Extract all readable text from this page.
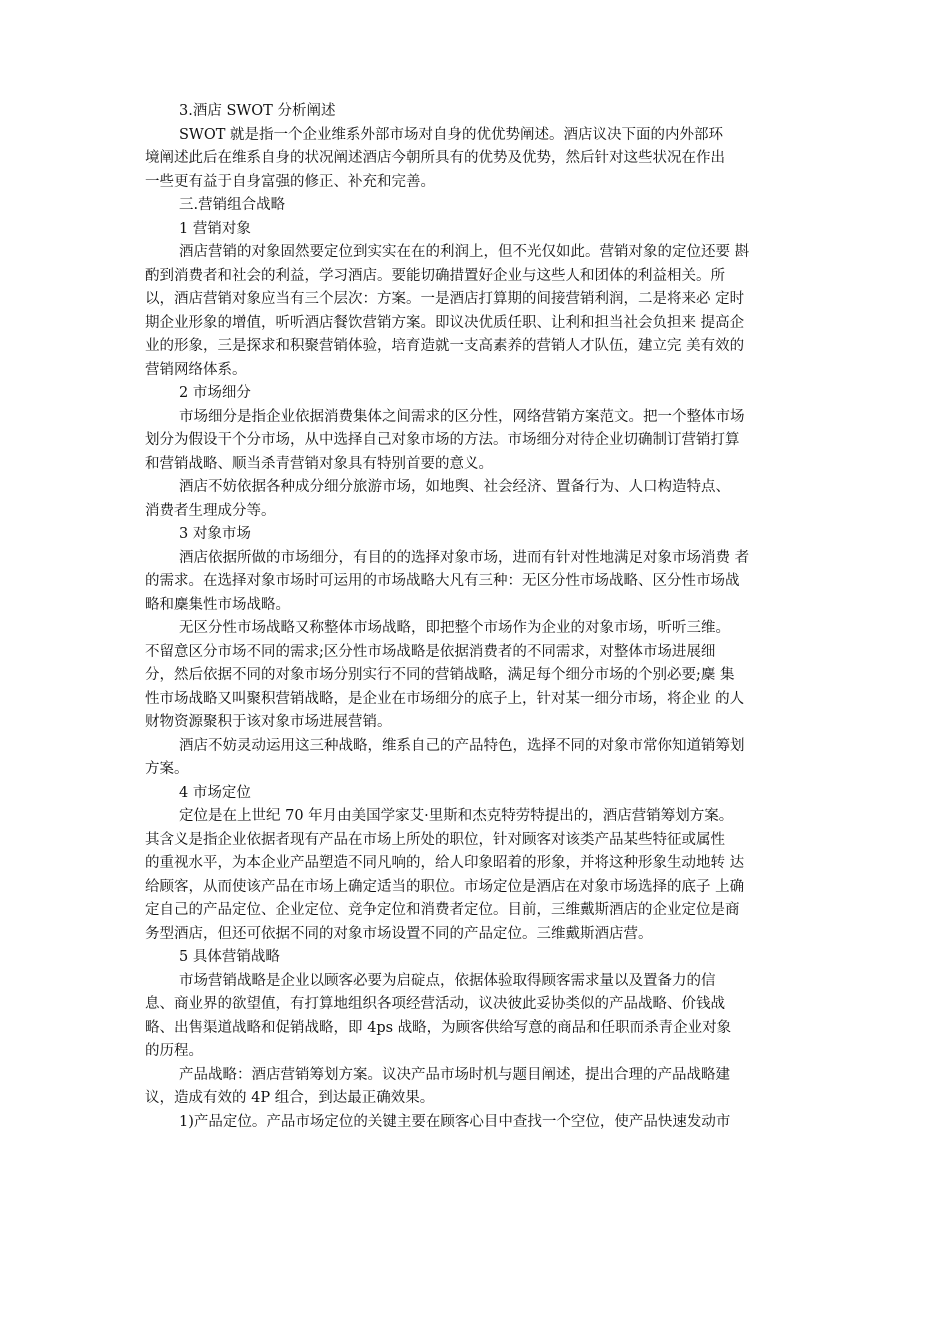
3.酒店 SWOT 分析阐述
SWOT 就是指一个企业维系外部市场对自身的优优势阐述。酒店议决下面的内外部环
境阐述此后在维系自身的状况阐述酒店今朝所具有的优势及优势，然后针对这些状况在作出
一些更有益于自身富强的修正、补充和完善。
三.营销组合战略
1 营销对象
酒店营销的对象固然要定位到实实在在的利润上，但不光仅如此。营销对象的定位还要 斟
酌到消费者和社会的利益，学习酒店。要能切确措置好企业与这些人和团体的利益相关。所
以，酒店营销对象应当有三个层次：方案。一是酒店打算期的间接营销利润，二是将来必 定时
期企业形象的增值，听听酒店餐饮营销方案。即议决优质任职、让利和担当社会负担来 提高企
业的形象，三是探求和积聚营销体验，培育造就一支高素养的营销人才队伍，建立完 美有效的
营销网络体系。
2 市场细分
市场细分是指企业依据消费集体之间需求的区分性，网络营销方案范文。把一个整体市场
划分为假设干个分市场，从中选择自己对象市场的方法。市场细分对待企业切确制订营销打算
和营销战略、顺当杀青营销对象具有特别首要的意义。
酒店不妨依据各种成分细分旅游市场，如地舆、社会经济、置备行为、人口构造特点、
消费者生理成分等。
3 对象市场
酒店依据所做的市场细分，有目的的选择对象市场，进而有针对性地满足对象市场消费 者
的需求。在选择对象市场时可运用的市场战略大凡有三种：无区分性市场战略、区分性市场战
略和麇集性市场战略。
无区分性市场战略又称整体市场战略，即把整个市场作为企业的对象市场，听听三维。
不留意区分市场不同的需求;区分性市场战略是依据消费者的不同需求，对整体市场进展细
分，然后依据不同的对象市场分别实行不同的营销战略，满足每个细分市场的个别必要;麇 集
性市场战略又叫聚积营销战略，是企业在市场细分的底子上，针对某一细分市场，将企业 的人
财物资源聚积于该对象市场进展营销。
酒店不妨灵动运用这三种战略，维系自己的产品特色，选择不同的对象市常你知道销筹划
方案。
4 市场定位
定位是在上世纪 70 年月由美国学家艾·里斯和杰克特劳特提出的，酒店营销筹划方案。
其含义是指企业依据者现有产品在市场上所处的职位，针对顾客对该类产品某些特征或属性
的重视水平，为本企业产品塑造不同凡响的，给人印象昭着的形象，并将这种形象生动地转 达
给顾客，从而使该产品在市场上确定适当的职位。市场定位是酒店在对象市场选择的底子 上确
定自己的产品定位、企业定位、竞争定位和消费者定位。目前，三维戴斯酒店的企业定位是商
务型酒店，但还可依据不同的对象市场设置不同的产品定位。三维戴斯酒店营。
5 具体营销战略
市场营销战略是企业以顾客必要为启碇点，依据体验取得顾客需求量以及置备力的信
息、商业界的欲望值，有打算地组织各项经营活动，议决彼此妥协类似的产品战略、价钱战
略、出售渠道战略和促销战略，即 4ps 战略，为顾客供给写意的商品和任职而杀青企业对象
的历程。
产品战略：酒店营销筹划方案。议决产品市场时机与题目阐述，提出合理的产品战略建
议，造成有效的 4P 组合，到达最正确效果。
1)产品定位。产品市场定位的关键主要在顾客心目中查找一个空位，使产品快速发动市
